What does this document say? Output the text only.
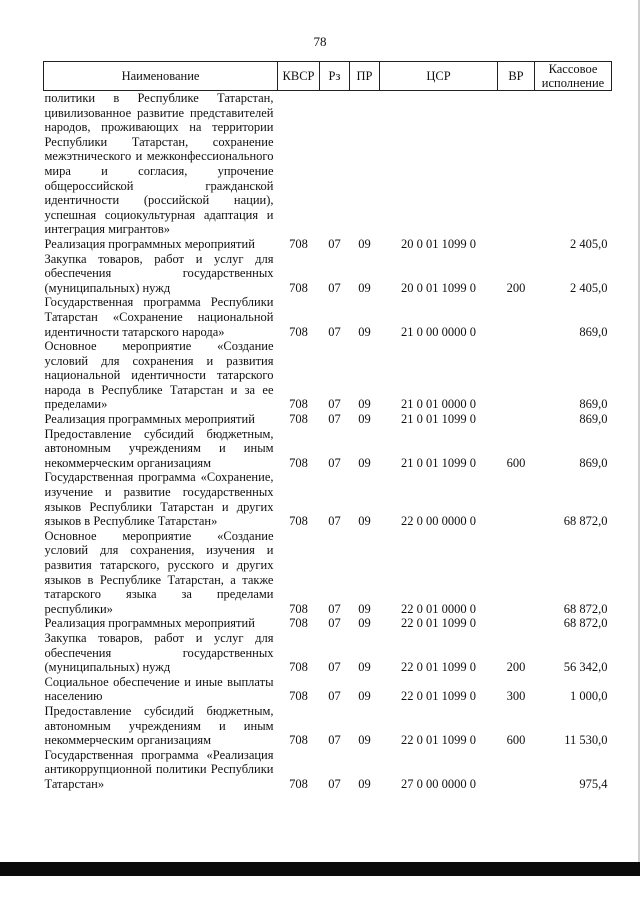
78
Наименование	КВСР	Рз	ПР	ЦСР	ВР	Кассовое исполнение
политики в Республике Татарстан, цивилизованное развитие представителей народов, проживающих на территории Республики Татарстан, сохранение межэтнического и межконфессионального мира и согласия, упрочение общероссийской гражданской идентичности (российской нации), успешная социокультурная адаптация и интеграция мигрантов»						
Реализация программных мероприятий	708	07	09	20 0 01 1099 0		2 405,0
Закупка товаров, работ и услуг для обеспечения государственных (муниципальных) нужд	708	07	09	20 0 01 1099 0	200	2 405,0
Государственная программа Республики Татарстан «Сохранение национальной идентичности татарского народа»	708	07	09	21 0 00 0000 0		869,0
Основное мероприятие «Создание условий для сохранения и развития национальной идентичности татарского народа в Республике Татарстан и за ее пределами»	708	07	09	21 0 01 0000 0		869,0
Реализация программных мероприятий	708	07	09	21 0 01 1099 0		869,0
Предоставление субсидий бюджетным, автономным учреждениям и иным некоммерческим организациям	708	07	09	21 0 01 1099 0	600	869,0
Государственная программа «Сохранение, изучение и развитие государственных языков Республики Татарстан и других языков в Республике Татарстан»	708	07	09	22 0 00 0000 0		68 872,0
Основное мероприятие «Создание условий для сохранения, изучения и развития татарского, русского и других языков в Республике Татарстан, а также татарского языка за пределами республики»	708	07	09	22 0 01 0000 0		68 872,0
Реализация программных мероприятий	708	07	09	22 0 01 1099 0		68 872,0
Закупка товаров, работ и услуг для обеспечения государственных (муниципальных) нужд	708	07	09	22 0 01 1099 0	200	56 342,0
Социальное обеспечение и иные выплаты населению	708	07	09	22 0 01 1099 0	300	1 000,0
Предоставление субсидий бюджетным, автономным учреждениям и иным некоммерческим организациям	708	07	09	22 0 01 1099 0	600	11 530,0
Государственная программа «Реализация антикоррупционной политики Республики Татарстан»	708	07	09	27 0 00 0000 0		975,4
